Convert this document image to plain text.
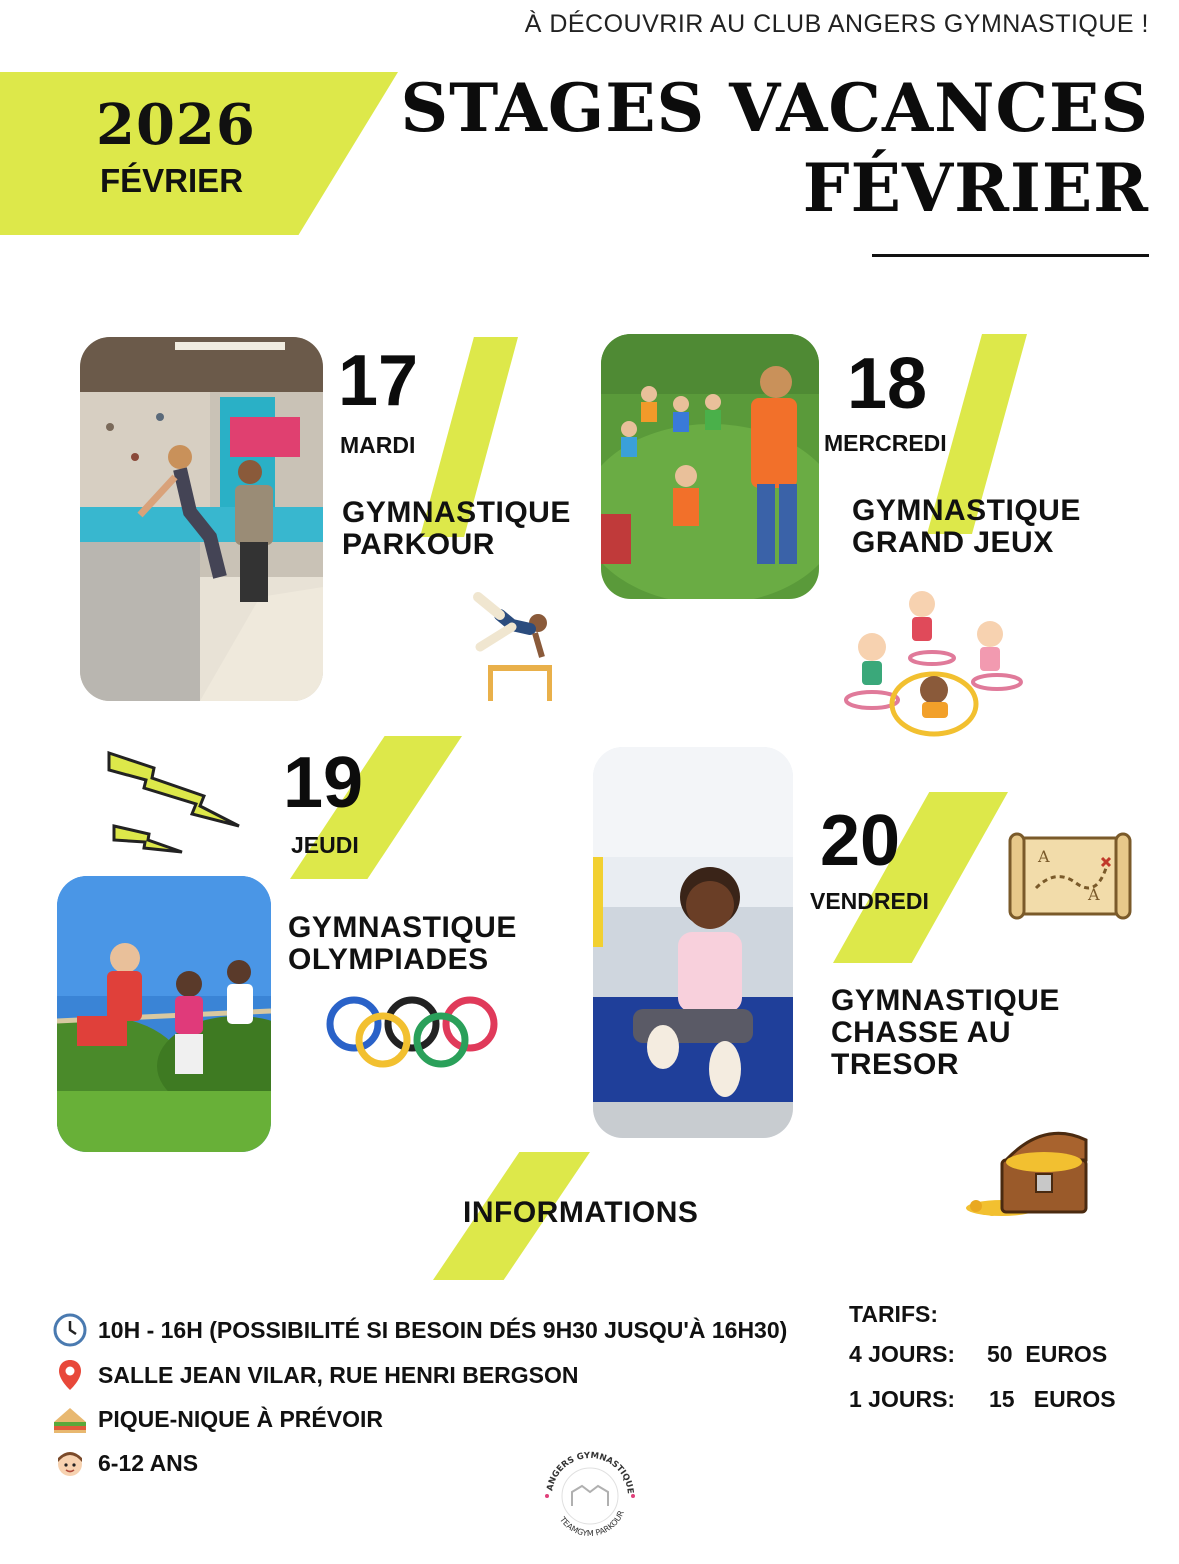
À DÉCOUVRIR AU CLUB ANGERS GYMNASTIQUE !
2026
FÉVRIER
STAGES VACANCES
FÉVRIER
17
MARDI
GYMNASTIQUE
PARKOUR
18
MERCREDI
GYMNASTIQUE
GRAND JEUX
19
JEUDI
GYMNASTIQUE
OLYMPIADES
20
VENDREDI
A
A
GYMNASTIQUE
CHASSE AU
TRESOR
INFORMATIONS
10H - 16H (POSSIBILITÉ SI BESOIN DÉS 9H30 JUSQU'À 16H30)
SALLE JEAN VILAR, RUE HENRI BERGSON
PIQUE-NIQUE À PRÉVOIR
6-12 ANS
TARIFS:
4 JOURS: 50  EUROS
1 JOURS: 15   EUROS
ANGERS GYMNASTIQUE
TEAMGYM PARKOUR
